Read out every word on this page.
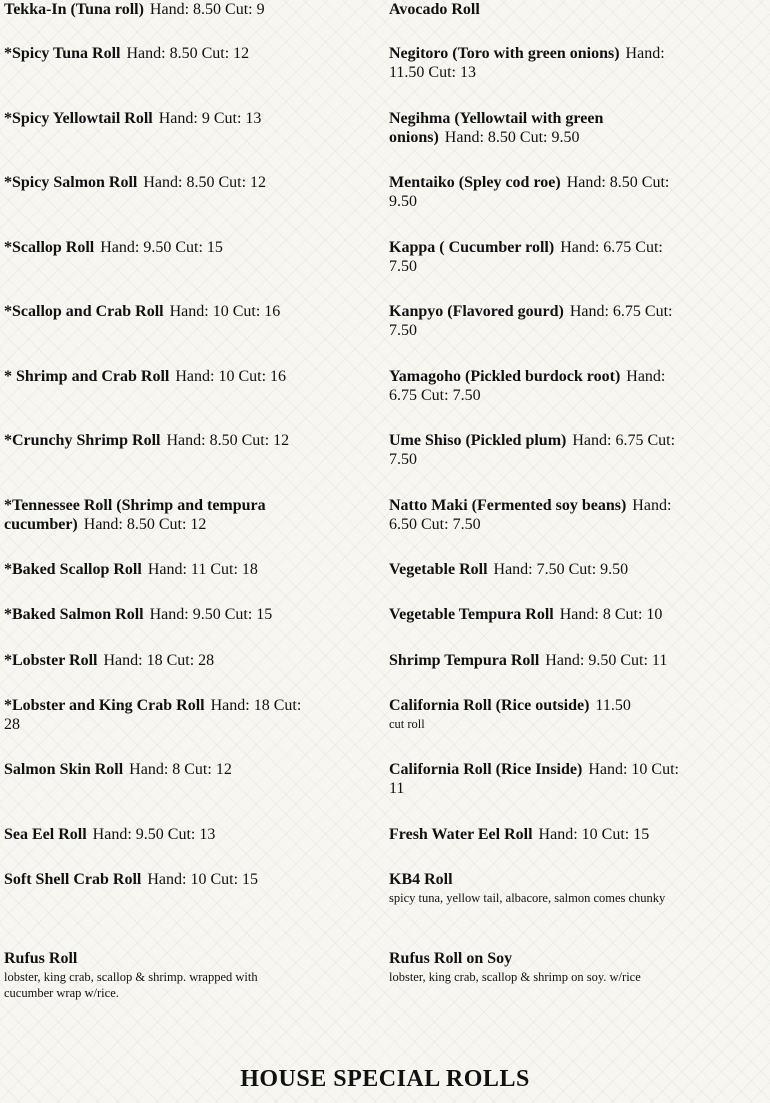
Tekka-In (Tuna roll) Hand: 8.50 Cut: 9
*Spicy Tuna Roll Hand: 8.50 Cut: 12
*Spicy Yellowtail Roll Hand: 9 Cut: 13
*Spicy Salmon Roll Hand: 8.50 Cut: 12
*Scallop Roll Hand: 9.50 Cut: 15
*Scallop and Crab Roll Hand: 10 Cut: 16
* Shrimp and Crab Roll Hand: 10 Cut: 16
*Crunchy Shrimp Roll Hand: 8.50 Cut: 12
*Tennessee Roll (Shrimp and tempura cucumber) Hand: 8.50 Cut: 12
*Baked Scallop Roll Hand: 11 Cut: 18
*Baked Salmon Roll Hand: 9.50 Cut: 15
*Lobster Roll Hand: 18 Cut: 28
*Lobster and King Crab Roll Hand: 18 Cut: 28
Salmon Skin Roll Hand: 8 Cut: 12
Sea Eel Roll Hand: 9.50 Cut: 13
Soft Shell Crab Roll Hand: 10 Cut: 15
Rufus Roll
lobster, king crab, scallop & shrimp. wrapped with cucumber wrap w/rice.
Avocado Roll
Negitoro (Toro with green onions) Hand: 11.50 Cut: 13
Negihma (Yellowtail with green onions) Hand: 8.50 Cut: 9.50
Mentaiko (Spley cod roe) Hand: 8.50 Cut: 9.50
Kappa ( Cucumber roll) Hand: 6.75 Cut: 7.50
Kanpyo (Flavored gourd) Hand: 6.75 Cut: 7.50
Yamagoho (Pickled burdock root) Hand: 6.75 Cut: 7.50
Ume Shiso (Pickled plum) Hand: 6.75 Cut: 7.50
Natto Maki (Fermented soy beans) Hand: 6.50 Cut: 7.50
Vegetable Roll Hand: 7.50 Cut: 9.50
Vegetable Tempura Roll Hand: 8 Cut: 10
Shrimp Tempura Roll Hand: 9.50 Cut: 11
California Roll (Rice outside) 11.50
cut roll
California Roll (Rice Inside) Hand: 10 Cut: 11
Fresh Water Eel Roll Hand: 10 Cut: 15
KB4 Roll
spicy tuna, yellow tail, albacore, salmon comes chunky
Rufus Roll on Soy
lobster, king crab, scallop & shrimp on soy. w/rice
HOUSE SPECIAL ROLLS
